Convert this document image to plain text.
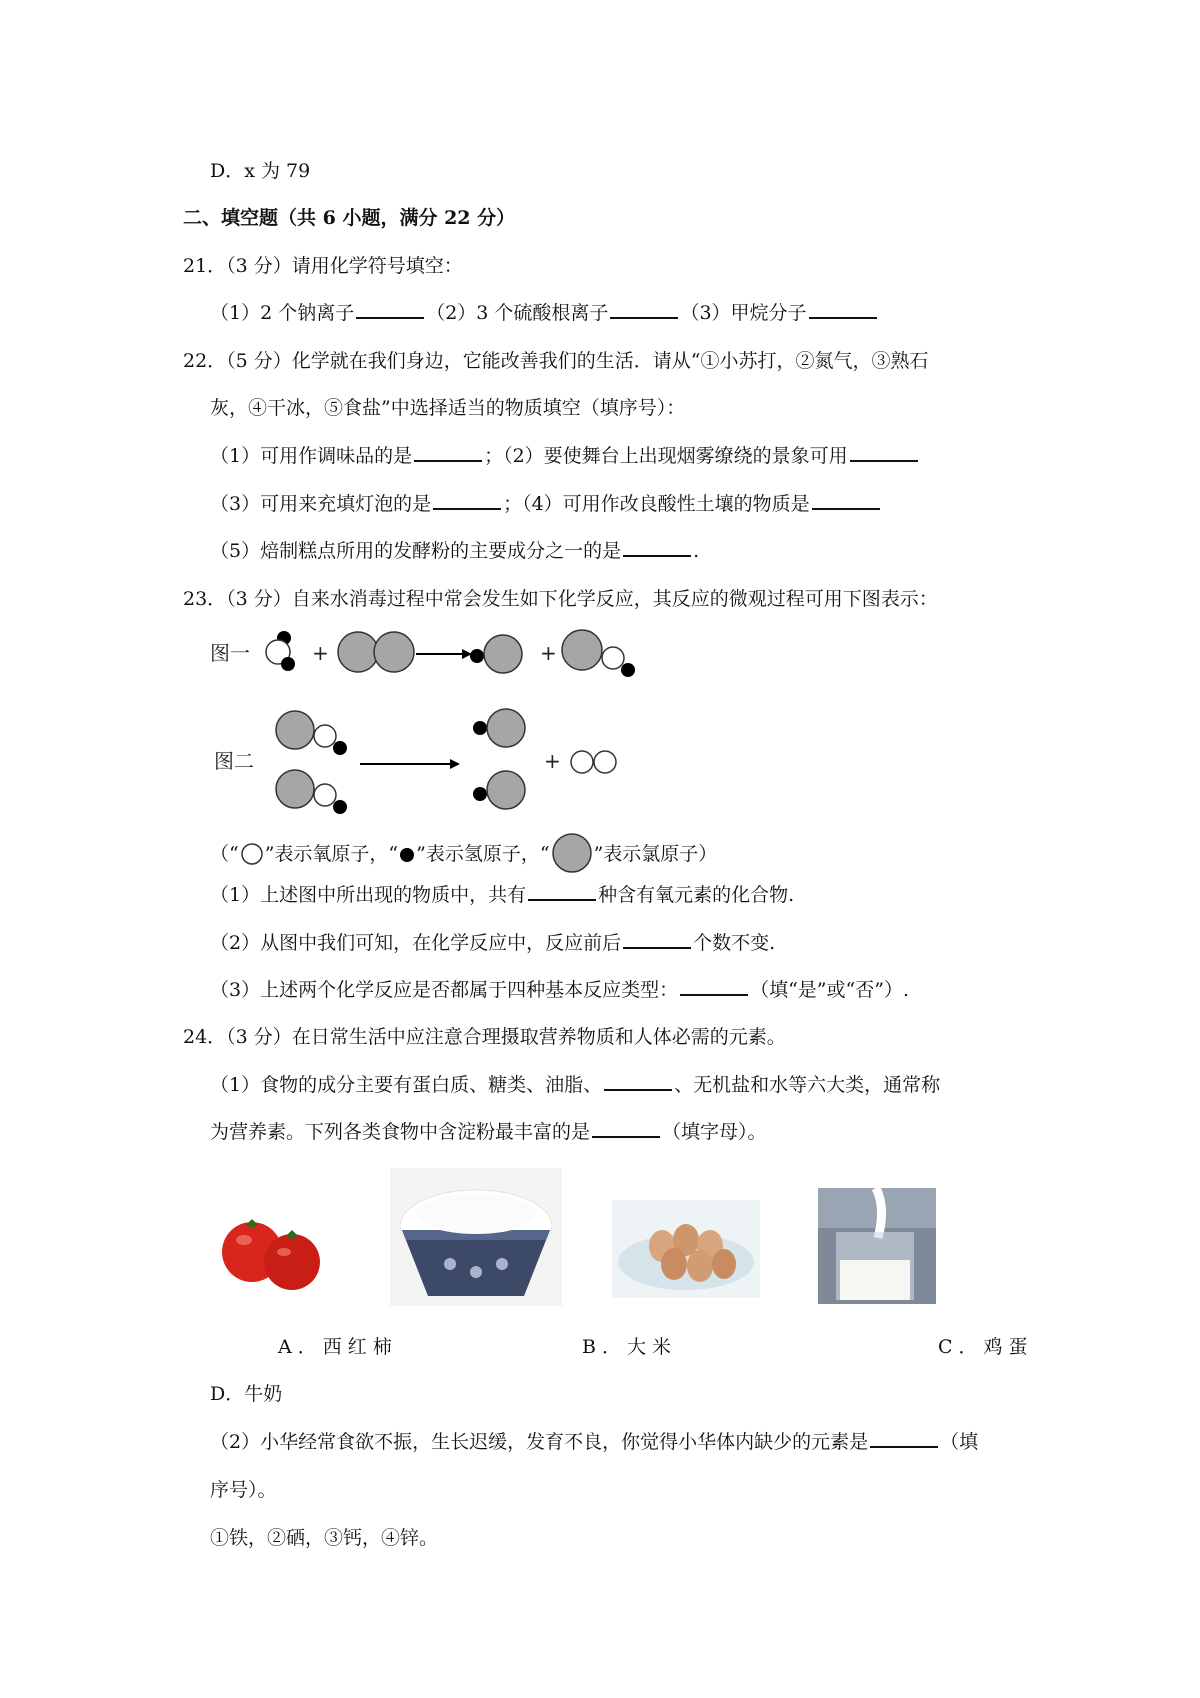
D．x 为 79
二、填空题（共 6 小题，满分 22 分）
21．（3 分）请用化学符号填空：
（1）2 个钠离子	（2）3 个硫酸根离子	（3）甲烷分子
22．（5 分）化学就在我们身边，它能改善我们的生活．请从“①小苏打，②氮气，③熟石
灰，④干冰，⑤食盐”中选择适当的物质填空（填序号）：
（1）可用作调味品的是	；（2）要使舞台上出现烟雾缭绕的景象可用
（3）可用来充填灯泡的是	；（4）可用作改良酸性土壤的物质是
（5）焙制糕点所用的发酵粉的主要成分之一的是	.
23．（3 分）自来水消毒过程中常会发生如下化学反应，其反应的微观过程可用下图表示：
图一	+	+
图二	+
（“ ”表示氧原子，“ ”表示氢原子，“ ”表示氯原子）
（1）上述图中所出现的物质中，共有	种含有氧元素的化合物.
（2）从图中我们可知，在化学反应中，反应前后	个数不变.
（3）上述两个化学反应是否都属于四种基本反应类型：	（填“是”或“否”）.
24．（3 分）在日常生活中应注意合理摄取营养物质和人体必需的元素。
（1）食物的成分主要有蛋白质、糖类、油脂、	、无机盐和水等六大类，通常称
为营养素。下列各类食物中含淀粉最丰富的是	（填字母）。
A．西红柿	B．大米	C．鸡蛋
D．牛奶
（2）小华经常食欲不振，生长迟缓，发育不良，你觉得小华体内缺少的元素是	（填
序号）。
①铁，②硒，③钙，④锌。
